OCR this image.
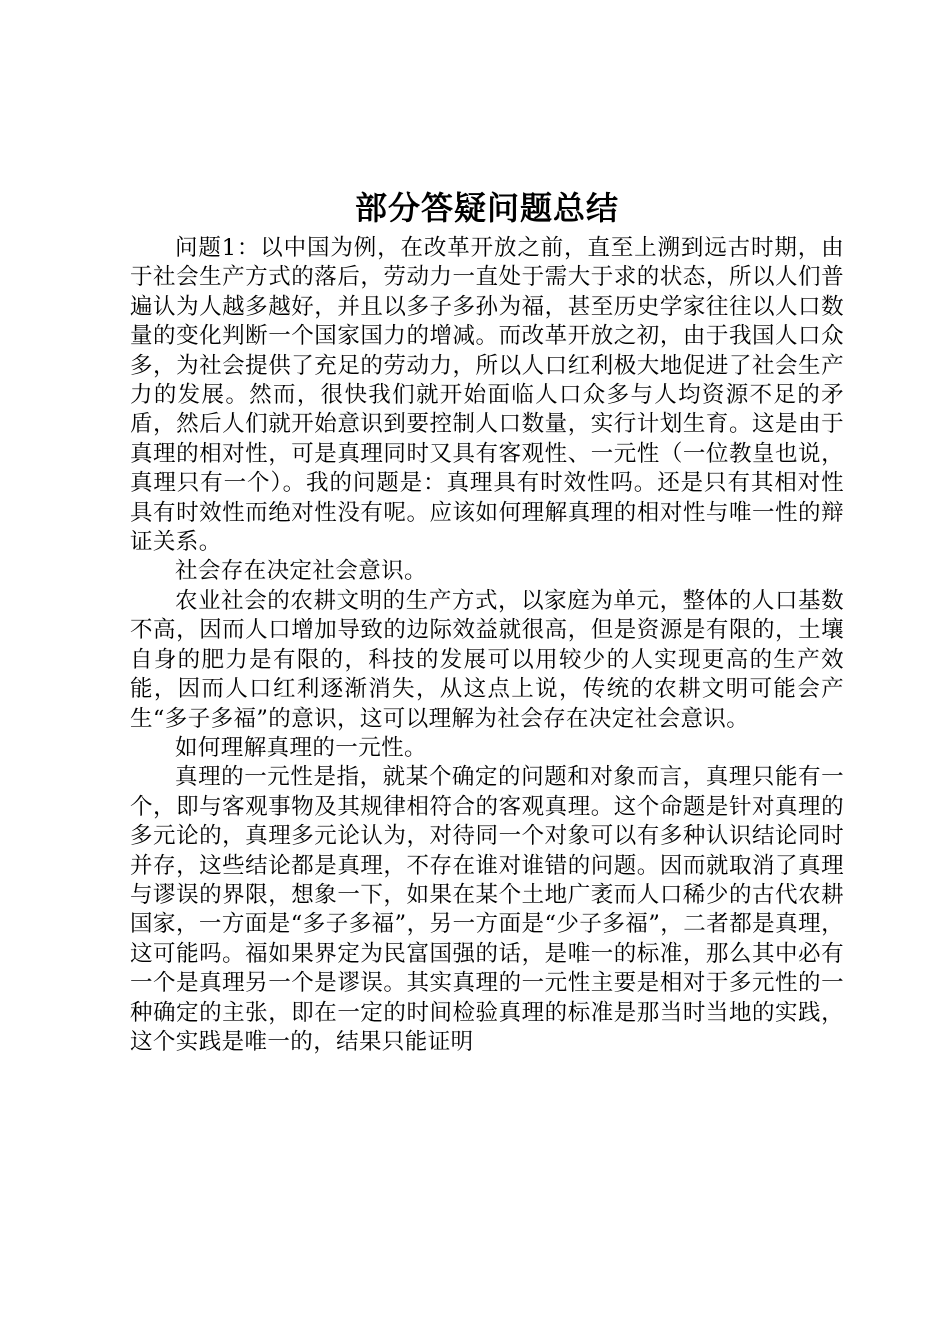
部分答疑问题总结

问题1：以中国为例，在改革开放之前，直至上溯到远古时期，由于社会生产方式的落后，劳动力一直处于需大于求的状态，所以人们普遍认为人越多越好，并且以多子多孙为福，甚至历史学家往往以人口数量的变化判断一个国家国力的增减。而改革开放之初，由于我国人口众多，为社会提供了充足的劳动力，所以人口红利极大地促进了社会生产力的发展。然而，很快我们就开始面临人口众多与人均资源不足的矛盾，然后人们就开始意识到要控制人口数量，实行计划生育。这是由于真理的相对性，可是真理同时又具有客观性、一元性（一位教皇也说，真理只有一个）。我的问题是：真理具有时效性吗。还是只有其相对性具有时效性而绝对性没有呢。应该如何理解真理的相对性与唯一性的辩证关系。

社会存在决定社会意识。

农业社会的农耕文明的生产方式，以家庭为单元，整体的人口基数不高，因而人口增加导致的边际效益就很高，但是资源是有限的，土壤自身的肥力是有限的，科技的发展可以用较少的人实现更高的生产效能，因而人口红利逐渐消失，从这点上说，传统的农耕文明可能会产生“多子多福”的意识，这可以理解为社会存在决定社会意识。

如何理解真理的一元性。

真理的一元性是指，就某个确定的问题和对象而言，真理只能有一个，即与客观事物及其规律相符合的客观真理。这个命题是针对真理的多元论的，真理多元论认为，对待同一个对象可以有多种认识结论同时并存，这些结论都是真理，不存在谁对谁错的问题。因而就取消了真理与谬误的界限，想象一下，如果在某个土地广袤而人口稀少的古代农耕国家，一方面是“多子多福”，另一方面是“少子多福”，二者都是真理，这可能吗。福如果界定为民富国强的话，是唯一的标准，那么其中必有一个是真理另一个是谬误。其实真理的一元性主要是相对于多元性的一种确定的主张，即在一定的时间检验真理的标准是那当时当地的实践，这个实践是唯一的，结果只能证明
